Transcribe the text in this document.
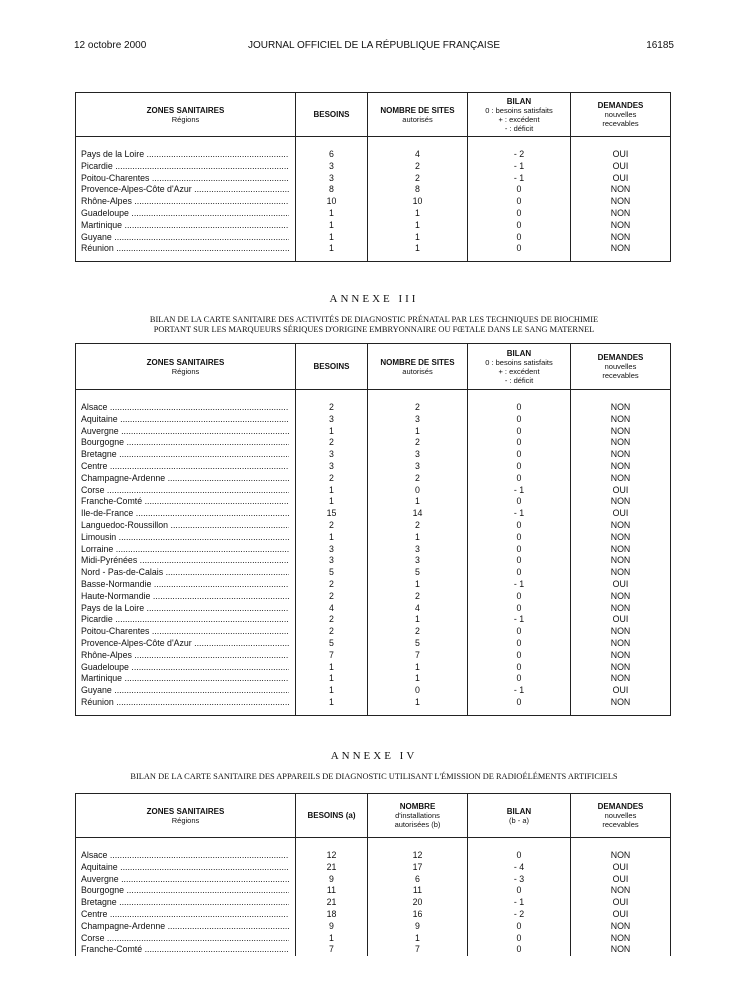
12 octobre 2000	JOURNAL OFFICIEL DE LA RÉPUBLIQUE FRANÇAISE	16185
ZONES SANITAIRES
Régions	BESOINS	NOMBRE DE SITES
autorisés	BILAN
0 : besoins satisfaits
+ : excédent
- : déficit	DEMANDES
nouvelles
recevables

Pays de la Loire .....	6	4	- 2	OUI

Picardie .....	3	2	- 1	OUI

Poitou-Charentes .....	3	2	- 1	OUI

Provence-Alpes-Côte d'Azur .....	8	8	0	NON

Rhône-Alpes .....	10	10	0	NON

Guadeloupe .....	1	1	0	NON

Martinique .....	1	1	0	NON

Guyane .....	1	1	0	NON

Réunion .....	1	1	0	NON

ANNEXE III
BILAN DE LA CARTE SANITAIRE DES ACTIVITÉS DE DIAGNOSTIC PRÉNATAL PAR LES TECHNIQUES DE BIOCHIMIE
PORTANT SUR LES MARQUEURS SÉRIQUES D'ORIGINE EMBRYONNAIRE OU FŒTALE DANS LE SANG MATERNEL
ZONES SANITAIRES
Régions	BESOINS	NOMBRE DE SITES
autorisés	BILAN
0 : besoins satisfaits
+ : excédent
- : déficit	DEMANDES
nouvelles
recevables

Alsace .....	2	2	0	NON

Aquitaine .....	3	3	0	NON

Auvergne .....	1	1	0	NON

Bourgogne .....	2	2	0	NON

Bretagne .....	3	3	0	NON

Centre .....	3	3	0	NON

Champagne-Ardenne .....	2	2	0	NON

Corse .....	1	0	- 1	OUI

Franche-Comté .....	1	1	0	NON

Ile-de-France .....	15	14	- 1	OUI

Languedoc-Roussillon .....	2	2	0	NON

Limousin .....	1	1	0	NON

Lorraine .....	3	3	0	NON

Midi-Pyrénées .....	3	3	0	NON

Nord - Pas-de-Calais .....	5	5	0	NON

Basse-Normandie .....	2	1	- 1	OUI

Haute-Normandie .....	2	2	0	NON

Pays de la Loire .....	4	4	0	NON

Picardie .....	2	1	- 1	OUI

Poitou-Charentes .....	2	2	0	NON

Provence-Alpes-Côte d'Azur .....	5	5	0	NON

Rhône-Alpes .....	7	7	0	NON

Guadeloupe .....	1	1	0	NON

Martinique .....	1	1	0	NON

Guyane .....	1	0	- 1	OUI

Réunion .....	1	1	0	NON

ANNEXE IV
BILAN DE LA CARTE SANITAIRE DES APPAREILS DE DIAGNOSTIC UTILISANT L'ÉMISSION DE RADIOÉLÉMENTS ARTIFICIELS
ZONES SANITAIRES
Régions	BESOINS (a)	NOMBRE
d'installations
autorisées (b)	BILAN
(b - a)	DEMANDES
nouvelles
recevables

Alsace .....	12	12	0	NON

Aquitaine .....	21	17	- 4	OUI

Auvergne .....	9	6	- 3	OUI

Bourgogne .....	11	11	0	NON

Bretagne .....	21	20	- 1	OUI

Centre .....	18	16	- 2	OUI

Champagne-Ardenne .....	9	9	0	NON

Corse .....	1	1	0	NON

Franche-Comté .....	7	7	0	NON
